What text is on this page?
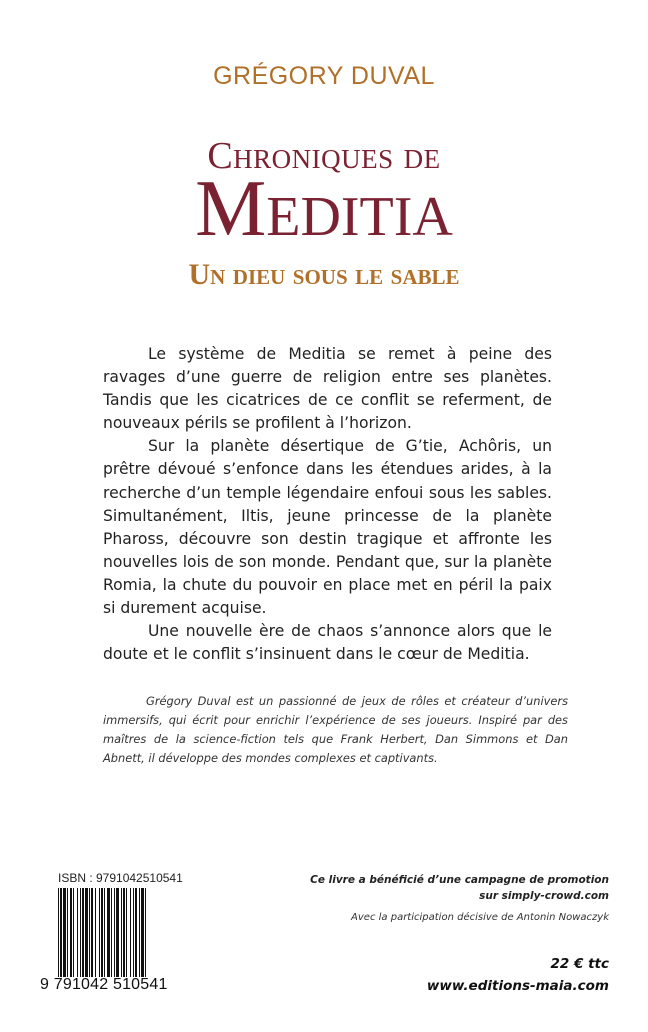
GRÉGORY DUVAL
Chroniques de
Meditia
Un dieu sous le sable

Le système de Meditia se remet à peine des ravages d’une guerre de religion entre ses planètes. Tandis que les cicatrices de ce conflit se referment, de nouveaux périls se profilent à l’horizon.

Sur la planète désertique de G’tie, Achôris, un prêtre dévoué s’enfonce dans les étendues arides, à la recherche d’un temple légendaire enfoui sous les sables. Simultanément, Iltis, jeune princesse de la planète Phaross, découvre son destin tragique et affronte les nouvelles lois de son monde. Pendant que, sur la planète Romia, la chute du pouvoir en place met en péril la paix si durement acquise.

Une nouvelle ère de chaos s’annonce alors que le doute et le conflit s’insinuent dans le cœur de Meditia.

Grégory Duval est un passionné de jeux de rôles et créateur d’univers immersifs, qui écrit pour enrichir l’expérience de ses joueurs. Inspiré par des maîtres de la science-fiction tels que Frank Herbert, Dan Simmons et Dan Abnett, il développe des mondes complexes et captivants.

ISBN : 9791042510541
9 791042 510541
Ce livre a bénéficié d’une campagne de promotion
sur simply-crowd.com
Avec la participation décisive de Antonin Nowaczyk
22 € ttc
www.editions-maia.com
